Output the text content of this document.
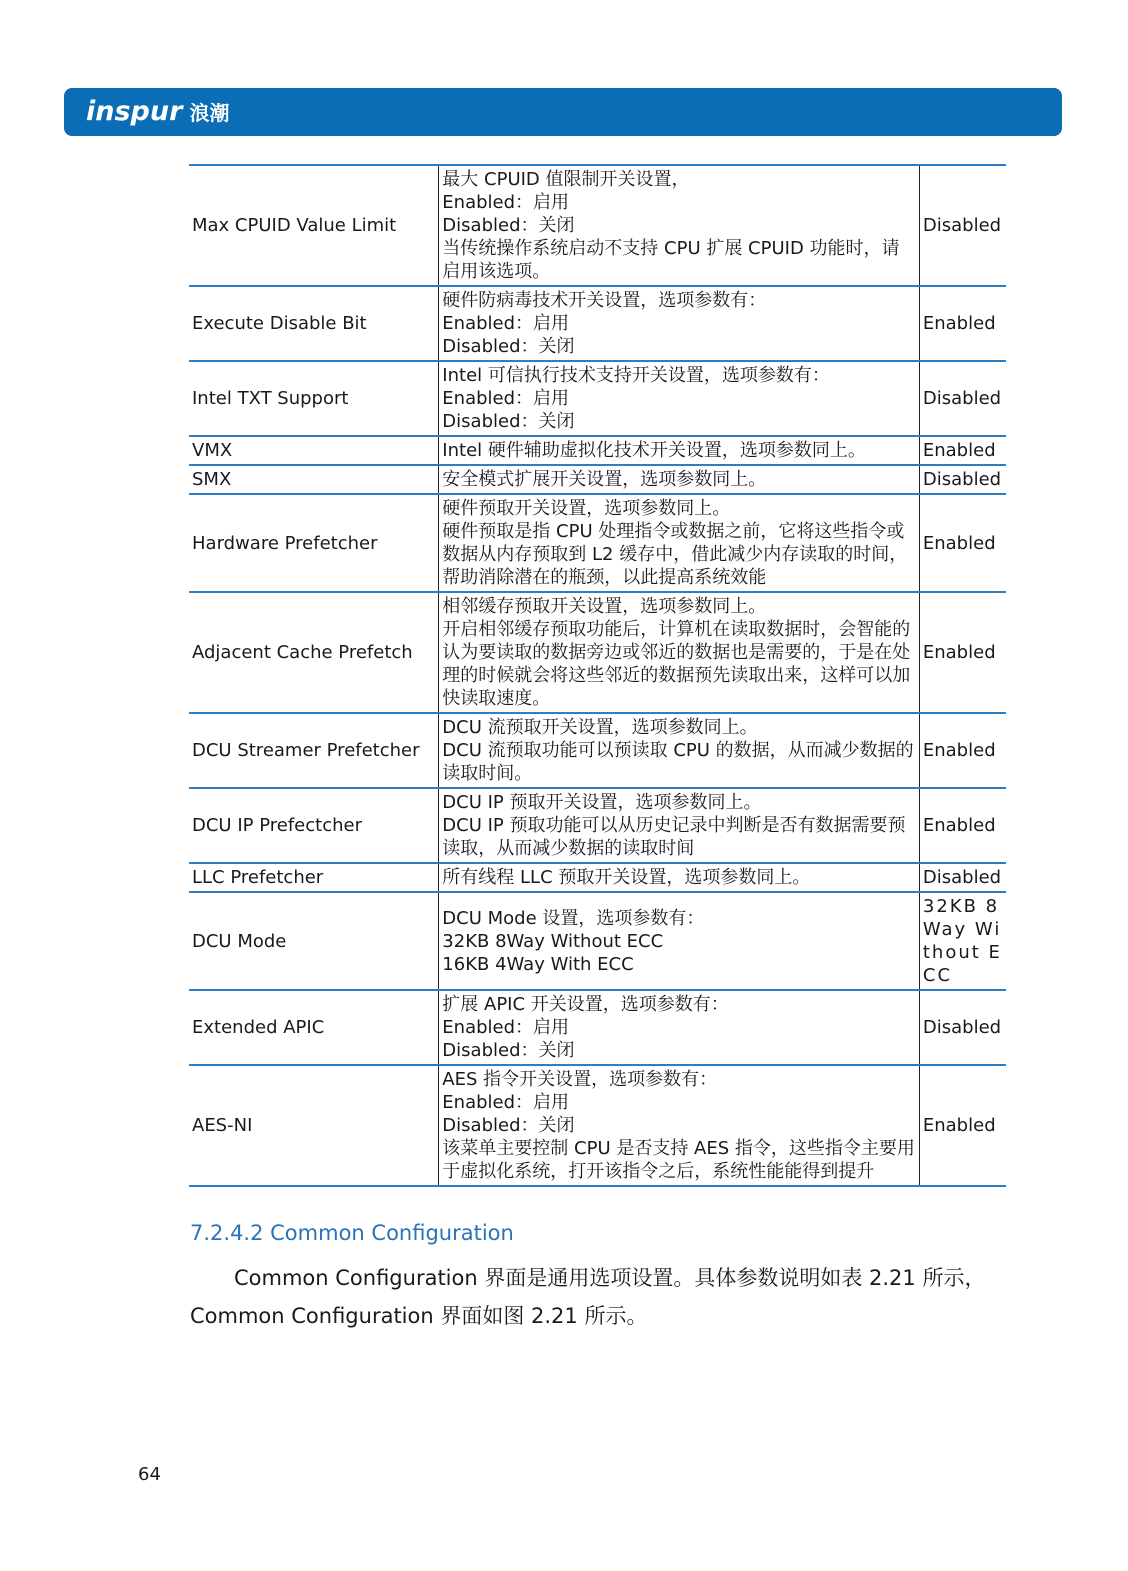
inspur 浪潮
Max CPUID Value Limit	最大 CPUID 值限制开关设置，
Enabled：启用
Disabled：关闭
当传统操作系统启动不支持 CPU 扩展 CPUID 功能时，请启用该选项。	Disabled
Execute Disable Bit	硬件防病毒技术开关设置，选项参数有：
Enabled：启用
Disabled：关闭	Enabled
Intel TXT Support	Intel 可信执行技术支持开关设置，选项参数有：
Enabled：启用
Disabled：关闭	Disabled
VMX	Intel 硬件辅助虚拟化技术开关设置，选项参数同上。	Enabled
SMX	安全模式扩展开关设置，选项参数同上。	Disabled
Hardware Prefetcher	硬件预取开关设置，选项参数同上。
硬件预取是指 CPU 处理指令或数据之前，它将这些指令或数据从内存预取到 L2 缓存中，借此减少内存读取的时间，帮助消除潜在的瓶颈，以此提高系统效能	Enabled
Adjacent Cache Prefetch	相邻缓存预取开关设置，选项参数同上。
开启相邻缓存预取功能后，计算机在读取数据时，会智能的认为要读取的数据旁边或邻近的数据也是需要的，于是在处理的时候就会将这些邻近的数据预先读取出来，这样可以加快读取速度。	Enabled
DCU Streamer Prefetcher	DCU 流预取开关设置，选项参数同上。
DCU 流预取功能可以预读取 CPU 的数据，从而减少数据的读取时间。	Enabled
DCU IP Prefectcher	DCU IP 预取开关设置，选项参数同上。
DCU IP 预取功能可以从历史记录中判断是否有数据需要预读取，从而减少数据的读取时间	Enabled
LLC Prefetcher	所有线程 LLC 预取开关设置，选项参数同上。	Disabled
DCU Mode	DCU Mode 设置，选项参数有：
32KB 8Way Without ECC
16KB 4Way With ECC	32KB 8Way Without ECC
Extended APIC	扩展 APIC 开关设置，选项参数有：
Enabled：启用
Disabled：关闭	Disabled
AES-NI	AES 指令开关设置，选项参数有：
Enabled：启用
Disabled：关闭
该菜单主要控制 CPU 是否支持 AES 指令，这些指令主要用于虚拟化系统，打开该指令之后，系统性能能得到提升	Enabled
7.2.4.2 Common Configuration
Common Configuration 界面是通用选项设置。具体参数说明如表 2.21 所示，Common Configuration 界面如图 2.21 所示。
64
